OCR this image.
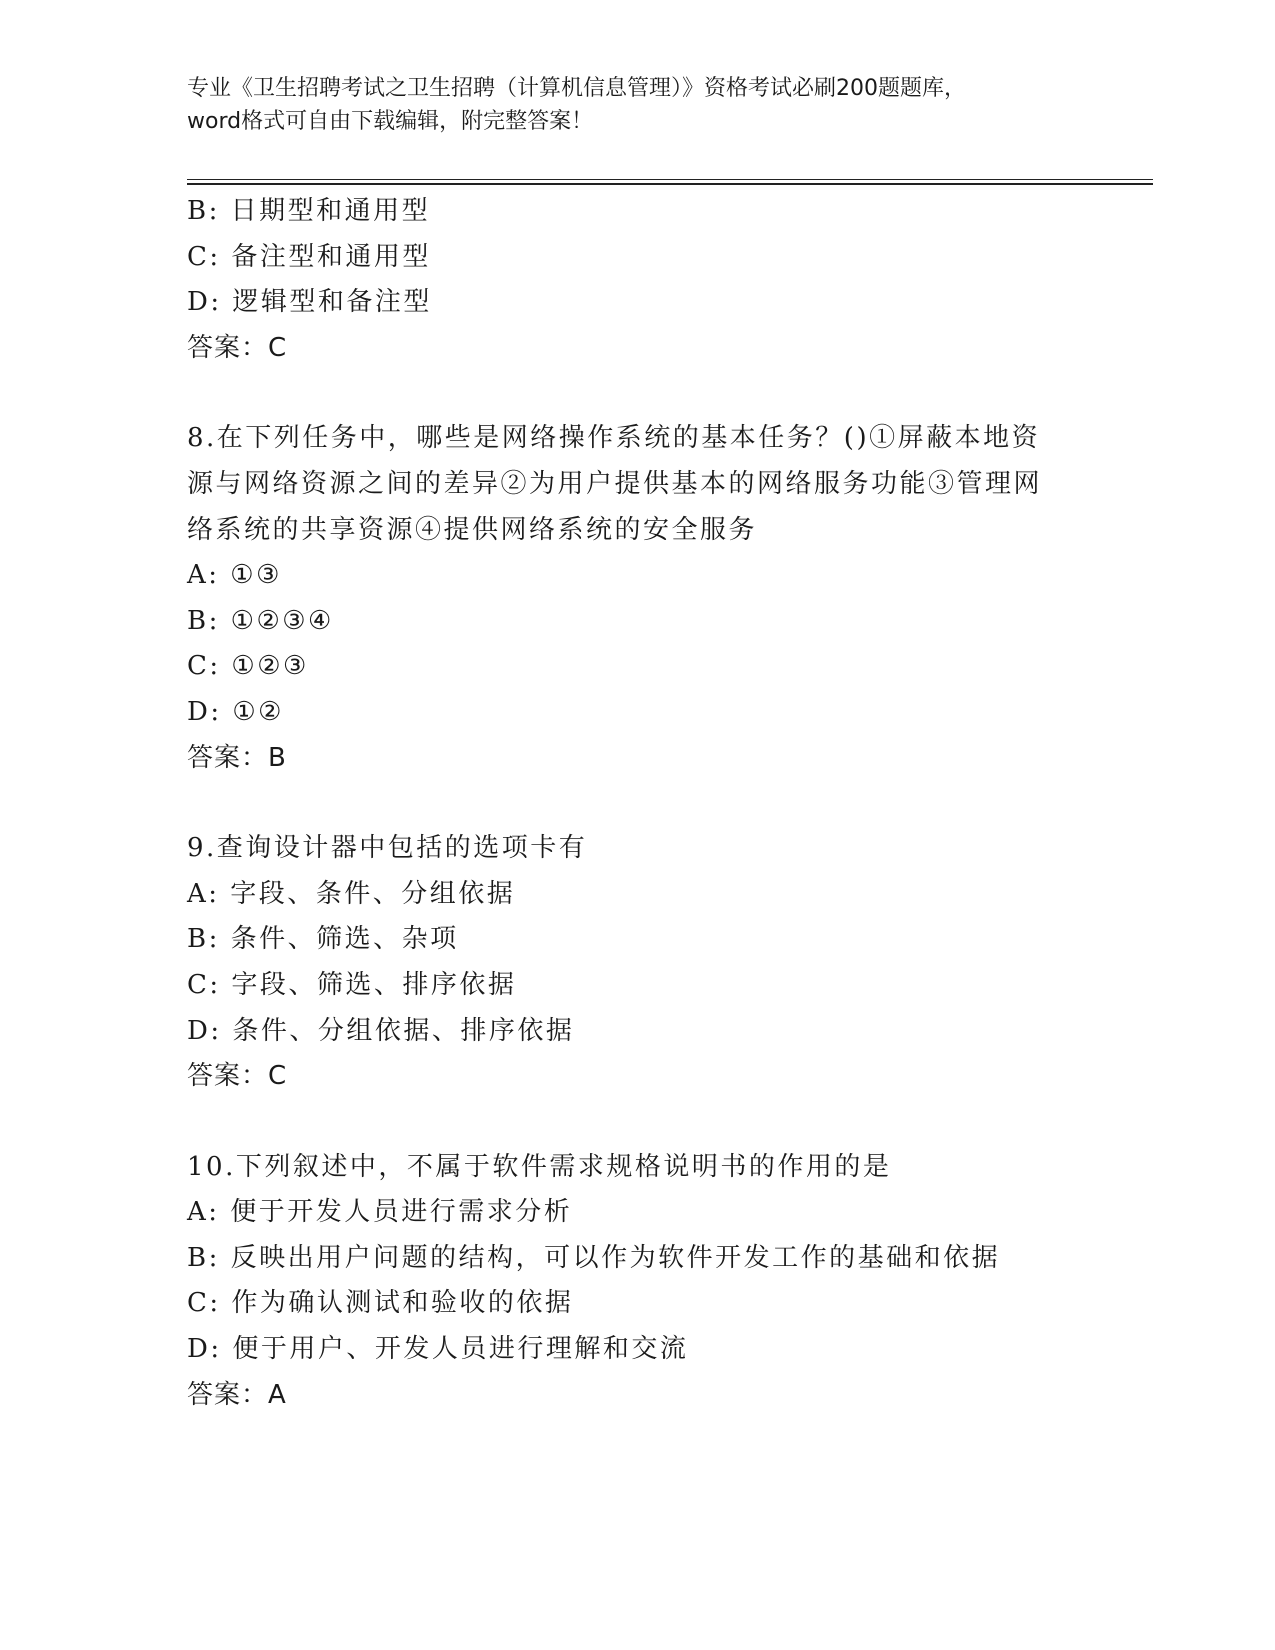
专业《卫生招聘考试之卫生招聘（计算机信息管理）》资格考试必刷200题题库，
word格式可自由下载编辑，附完整答案！
B: 日期型和通用型
C: 备注型和通用型
D: 逻辑型和备注型
答案：C
8.在下列任务中，哪些是网络操作系统的基本任务？()①屏蔽本地资
源与网络资源之间的差异②为用户提供基本的网络服务功能③管理网
络系统的共享资源④提供网络系统的安全服务
A: ①③
B: ①②③④
C: ①②③
D: ①②
答案：B
9.查询设计器中包括的选项卡有
A: 字段、条件、分组依据
B: 条件、筛选、杂项
C: 字段、筛选、排序依据
D: 条件、分组依据、排序依据
答案：C
10.下列叙述中，不属于软件需求规格说明书的作用的是
A: 便于开发人员进行需求分析
B: 反映出用户问题的结构，可以作为软件开发工作的基础和依据
C: 作为确认测试和验收的依据
D: 便于用户、开发人员进行理解和交流
答案：A
